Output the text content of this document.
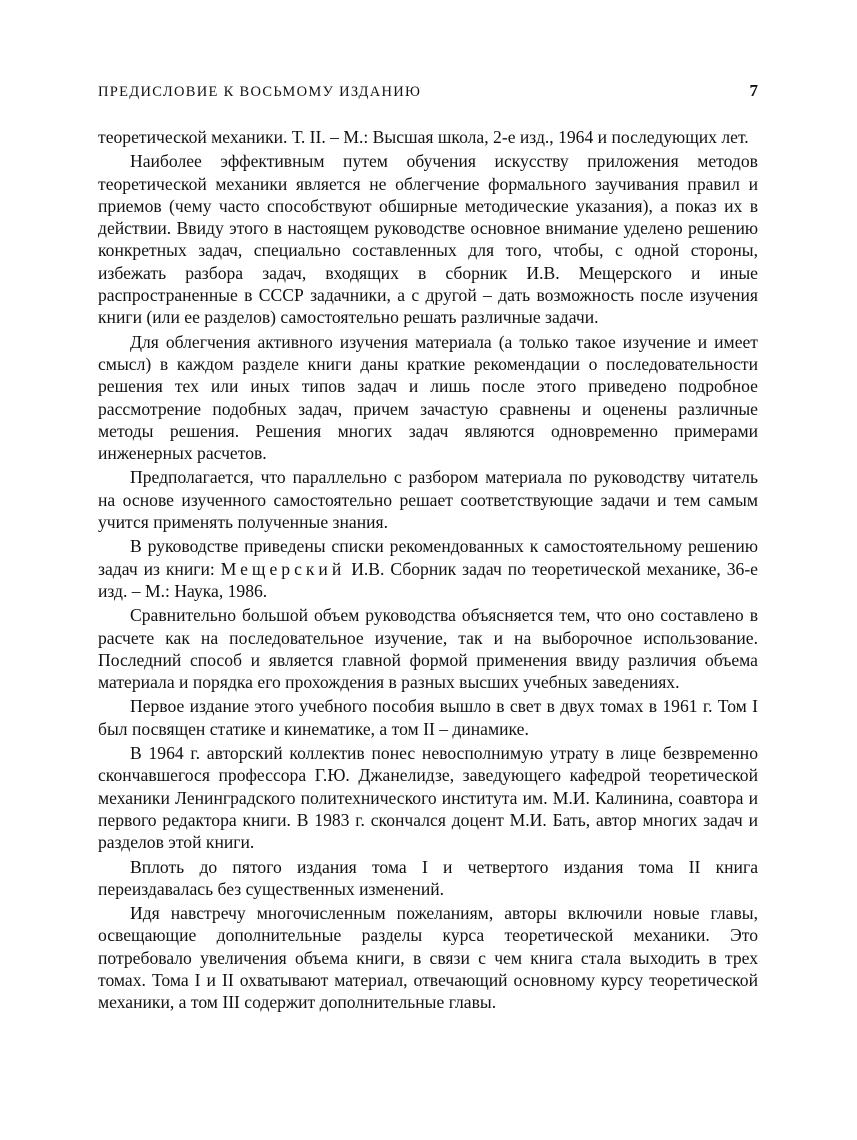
ПРЕДИСЛОВИЕ К ВОСЬМОМУ ИЗДАНИЮ	7

теоретической механики. Т. II. – М.: Высшая школа, 2-е изд., 1964 и последующих лет.

Наиболее эффективным путем обучения искусству приложения методов теоретической механики является не облегчение формального заучивания правил и приемов (чему часто способствуют обширные методические указания), а показ их в действии. Ввиду этого в настоящем руководстве основное внимание уделено решению конкретных задач, специально составленных для того, чтобы, с одной стороны, избежать разбора задач, входящих в сборник И.В. Мещерского и иные распространенные в СССР задачники, а с другой – дать возможность после изучения книги (или ее разделов) самостоятельно решать различные задачи.

Для облегчения активного изучения материала (а только такое изучение и имеет смысл) в каждом разделе книги даны краткие рекомендации о последовательности решения тех или иных типов задач и лишь после этого приведено подробное рассмотрение подобных задач, причем зачастую сравнены и оценены различные методы решения. Решения многих задач являются одновременно примерами инженерных расчетов.

Предполагается, что параллельно с разбором материала по руководству читатель на основе изученного самостоятельно решает соответствующие задачи и тем самым учится применять полученные знания.

В руководстве приведены списки рекомендованных к самостоятельному решению задач из книги: Мещерский И.В. Сборник задач по теоретической механике, 36-е изд. – М.: Наука, 1986.

Сравнительно большой объем руководства объясняется тем, что оно составлено в расчете как на последовательное изучение, так и на выборочное использование. Последний способ и является главной формой применения ввиду различия объема материала и порядка его прохождения в разных высших учебных заведениях.

Первое издание этого учебного пособия вышло в свет в двух томах в 1961 г. Том I был посвящен статике и кинематике, а том II – динамике.

В 1964 г. авторский коллектив понес невосполнимую утрату в лице безвременно скончавшегося профессора Г.Ю. Джанелидзе, заведующего кафедрой теоретической механики Ленинградского политехнического института им. М.И. Калинина, соавтора и первого редактора книги. В 1983 г. скончался доцент М.И. Бать, автор многих задач и разделов этой книги.

Вплоть до пятого издания тома I и четвертого издания тома II книга переиздавалась без существенных изменений.

Идя навстречу многочисленным пожеланиям, авторы включили новые главы, освещающие дополнительные разделы курса теоретической механики. Это потребовало увеличения объема книги, в связи с чем книга стала выходить в трех томах. Тома I и II охватывают материал, отвечающий основному курсу теоретической механики, а том III содержит дополнительные главы.
